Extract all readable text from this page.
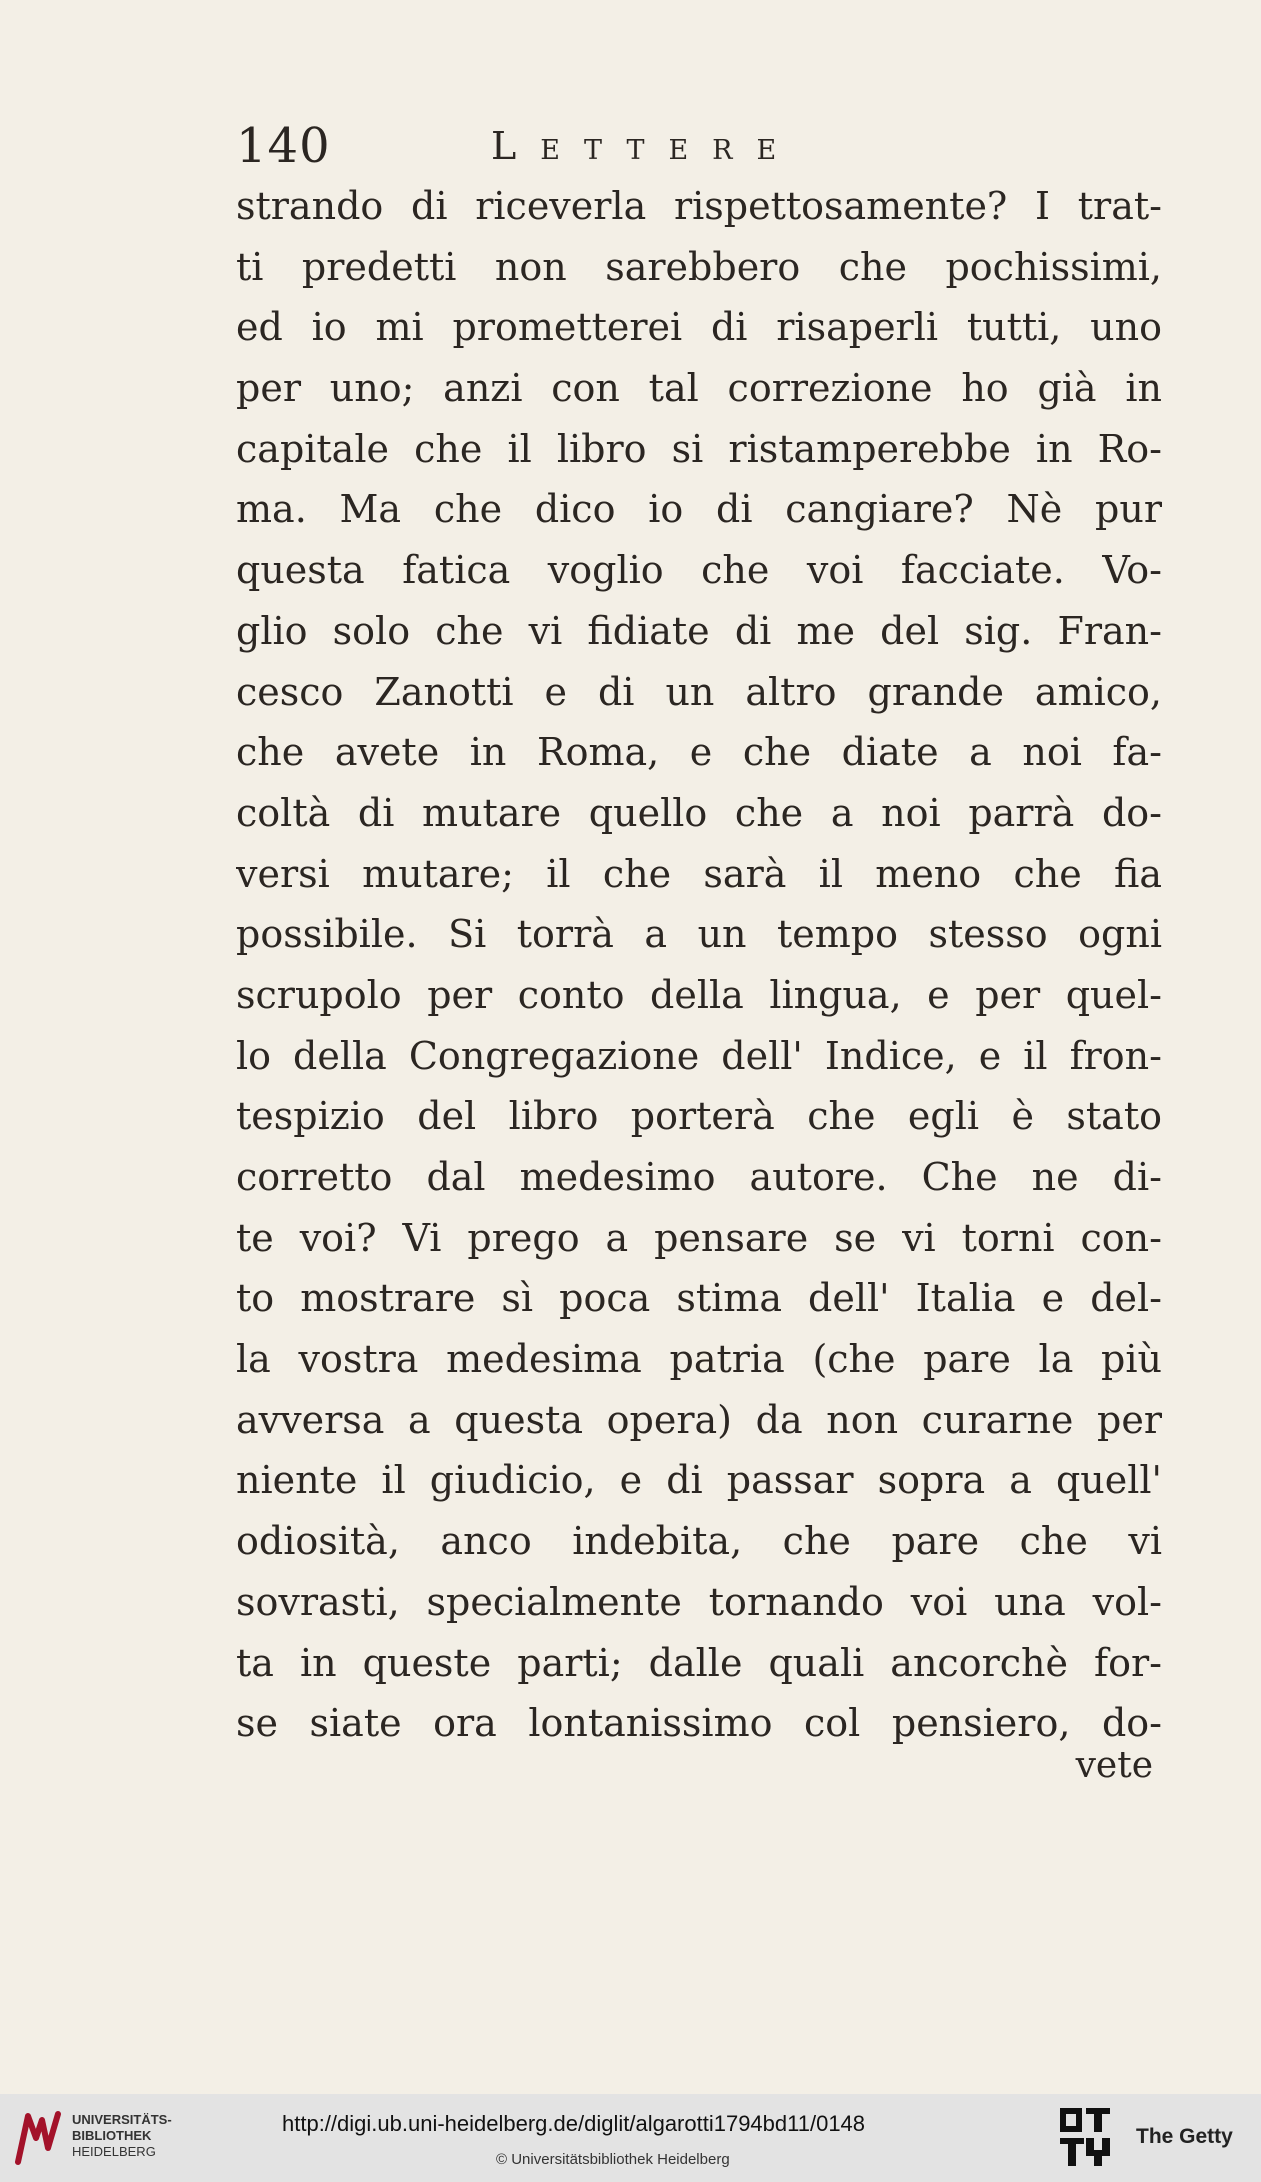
140	Lettere
strando di riceverla rispettosamente? I trat-
ti predetti non sarebbero che pochissimi,
ed io mi prometterei di risaperli tutti, uno
per uno; anzi con tal correzione ho già in
capitale che il libro si ristamperebbe in Ro-
ma. Ma che dico io di cangiare? Nè pur
questa fatica voglio che voi facciate. Vo-
glio solo che vi fidiate di me del sig. Fran-
cesco Zanotti e di un altro grande amico,
che avete in Roma, e che diate a noi fa-
coltà di mutare quello che a noi parrà do-
versi mutare; il che sarà il meno che fia
possibile. Si torrà a un tempo stesso ogni
scrupolo per conto della lingua, e per quel-
lo della Congregazione dell' Indice, e il fron-
tespizio del libro porterà che egli è stato
corretto dal medesimo autore. Che ne di-
te voi? Vi prego a pensare se vi torni con-
to mostrare sì poca stima dell' Italia e del-
la vostra medesima patria (che pare la più
avversa a questa opera) da non curarne per
niente il giudicio, e di passar sopra a quell'
odiosità, anco indebita, che pare che vi
sovrasti, specialmente tornando voi una vol-
ta in queste parti; dalle quali ancorchè for-
se siate ora lontanissimo col pensiero, do-
vete
UNIVERSITÄTS-
BIBLIOTHEK
HEIDELBERG
http://digi.ub.uni-heidelberg.de/diglit/algarotti1794bd11/0148
© Universitätsbibliothek Heidelberg
The Getty
